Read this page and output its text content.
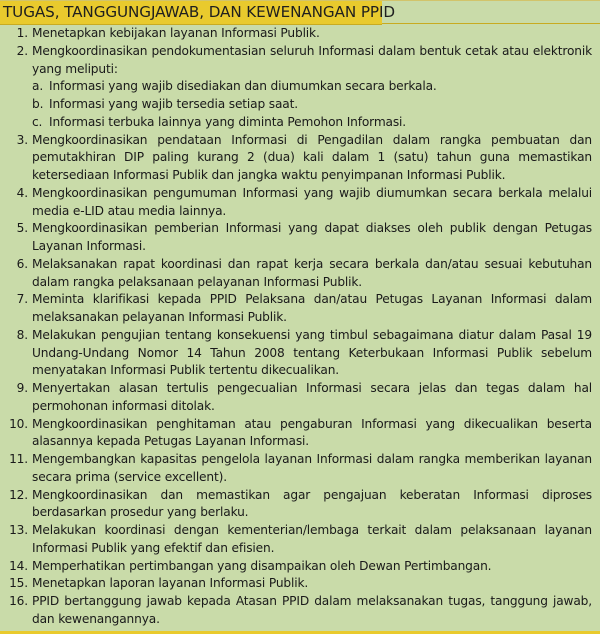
TUGAS, TANGGUNGJAWAB, DAN KEWENANGAN PPID
1. Menetapkan kebijakan layanan Informasi Publik.
2. Mengkoordinasikan pendokumentasian seluruh Informasi dalam bentuk cetak atau elektronik yang meliputi:
a. Informasi yang wajib disediakan dan diumumkan secara berkala.
b. Informasi yang wajib tersedia setiap saat.
c. Informasi terbuka lainnya yang diminta Pemohon Informasi.
3. Mengkoordinasikan pendataan Informasi di Pengadilan dalam rangka pembuatan dan pemutakhiran DIP paling kurang 2 (dua) kali dalam 1 (satu) tahun guna memastikan ketersediaan Informasi Publik dan jangka waktu penyimpanan Informasi Publik.
4. Mengkoordinasikan pengumuman Informasi yang wajib diumumkan secara berkala melalui media e-LID atau media lainnya.
5. Mengkoordinasikan pemberian Informasi yang dapat diakses oleh publik dengan Petugas Layanan Informasi.
6. Melaksanakan rapat koordinasi dan rapat kerja secara berkala dan/atau sesuai kebutuhan dalam rangka pelaksanaan pelayanan Informasi Publik.
7. Meminta klarifikasi kepada PPID Pelaksana dan/atau Petugas Layanan Informasi dalam melaksanakan pelayanan Informasi Publik.
8. Melakukan pengujian tentang konsekuensi yang timbul sebagaimana diatur dalam Pasal 19 Undang-Undang Nomor 14 Tahun 2008 tentang Keterbukaan Informasi Publik sebelum menyatakan Informasi Publik tertentu dikecualikan.
9. Menyertakan alasan tertulis pengecualian Informasi secara jelas dan tegas dalam hal permohonan informasi ditolak.
10. Mengkoordinasikan penghitaman atau pengaburan Informasi yang dikecualikan beserta alasannya kepada Petugas Layanan Informasi.
11. Mengembangkan kapasitas pengelola layanan Informasi dalam rangka memberikan layanan secara prima (service excellent).
12. Mengkoordinasikan dan memastikan agar pengajuan keberatan Informasi diproses berdasarkan prosedur yang berlaku.
13. Melakukan koordinasi dengan kementerian/lembaga terkait dalam pelaksanaan layanan Informasi Publik yang efektif dan efisien.
14. Memperhatikan pertimbangan yang disampaikan oleh Dewan Pertimbangan.
15. Menetapkan laporan layanan Informasi Publik.
16. PPID bertanggung jawab kepada Atasan PPID dalam melaksanakan tugas, tanggung jawab, dan kewenangannya.
